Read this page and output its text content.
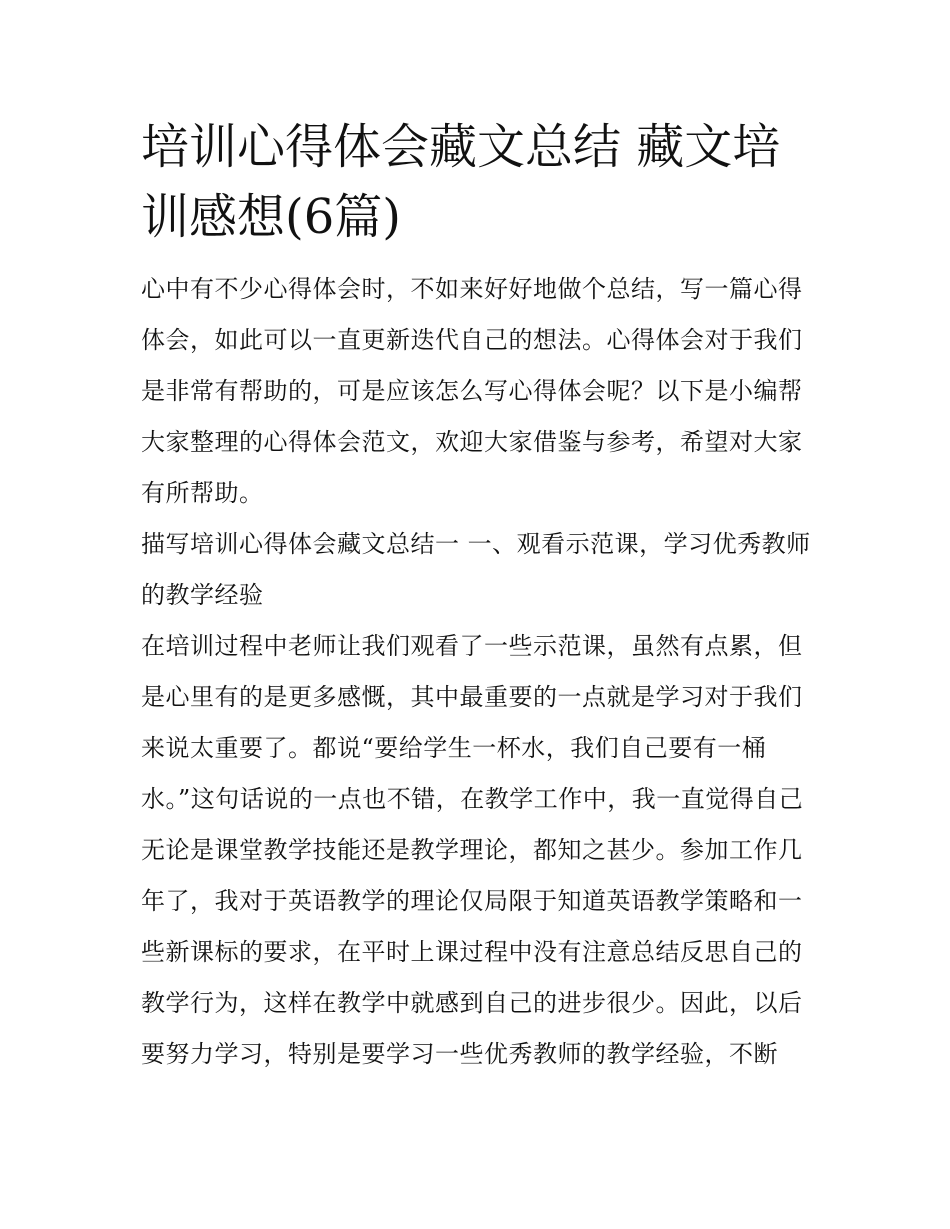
培训心得体会藏文总结 藏文培训感想(6篇)

心中有不少心得体会时，不如来好好地做个总结，写一篇心得体会，如此可以一直更新迭代自己的想法。心得体会对于我们是非常有帮助的，可是应该怎么写心得体会呢？以下是小编帮大家整理的心得体会范文，欢迎大家借鉴与参考，希望对大家有所帮助。

描写培训心得体会藏文总结一 一、观看示范课，学习优秀教师的教学经验

在培训过程中老师让我们观看了一些示范课，虽然有点累，但是心里有的是更多感慨，其中最重要的一点就是学习对于我们来说太重要了。都说“要给学生一杯水，我们自己要有一桶水。”这句话说的一点也不错，在教学工作中，我一直觉得自己无论是课堂教学技能还是教学理论，都知之甚少。参加工作几年了，我对于英语教学的理论仅局限于知道英语教学策略和一些新课标的要求，在平时上课过程中没有注意总结反思自己的教学行为，这样在教学中就感到自己的进步很少。因此，以后要努力学习，特别是要学习一些优秀教师的教学经验，不断
